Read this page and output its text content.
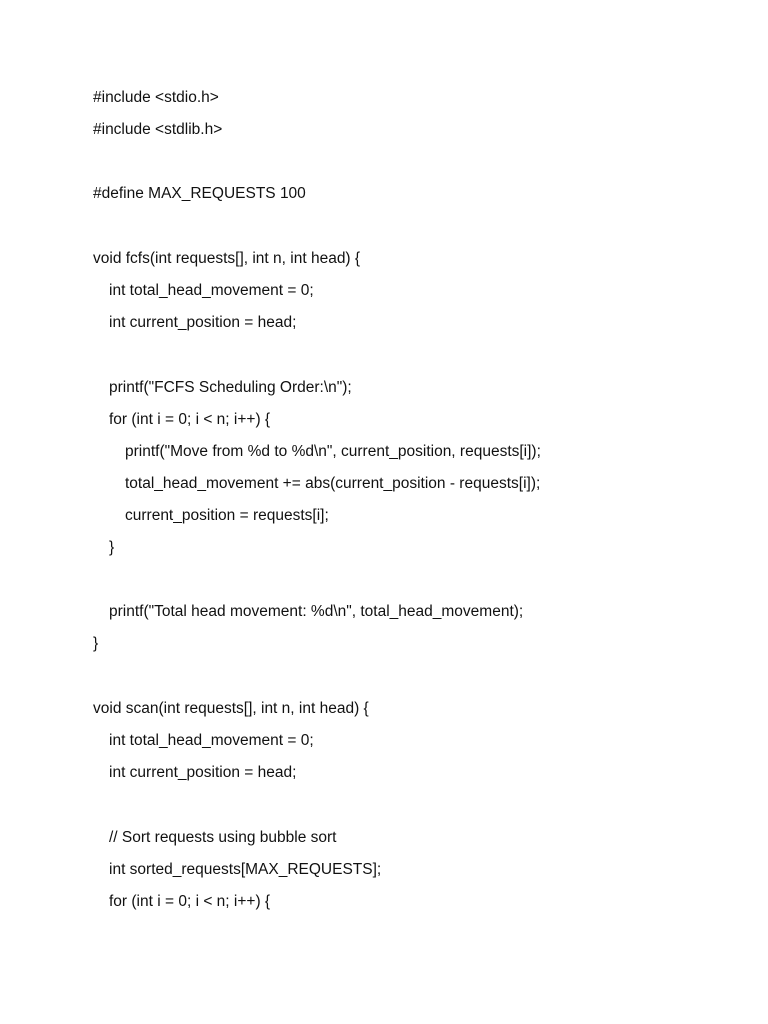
#include <stdio.h>
#include <stdlib.h>
#define MAX_REQUESTS 100
void fcfs(int requests[], int n, int head) {
int total_head_movement = 0;
int current_position = head;
printf("FCFS Scheduling Order:\n");
for (int i = 0; i < n; i++) {
printf("Move from %d to %d\n", current_position, requests[i]);
total_head_movement += abs(current_position - requests[i]);
current_position = requests[i];
}
printf("Total head movement: %d\n", total_head_movement);
}
void scan(int requests[], int n, int head) {
int total_head_movement = 0;
int current_position = head;
// Sort requests using bubble sort
int sorted_requests[MAX_REQUESTS];
for (int i = 0; i < n; i++) {
